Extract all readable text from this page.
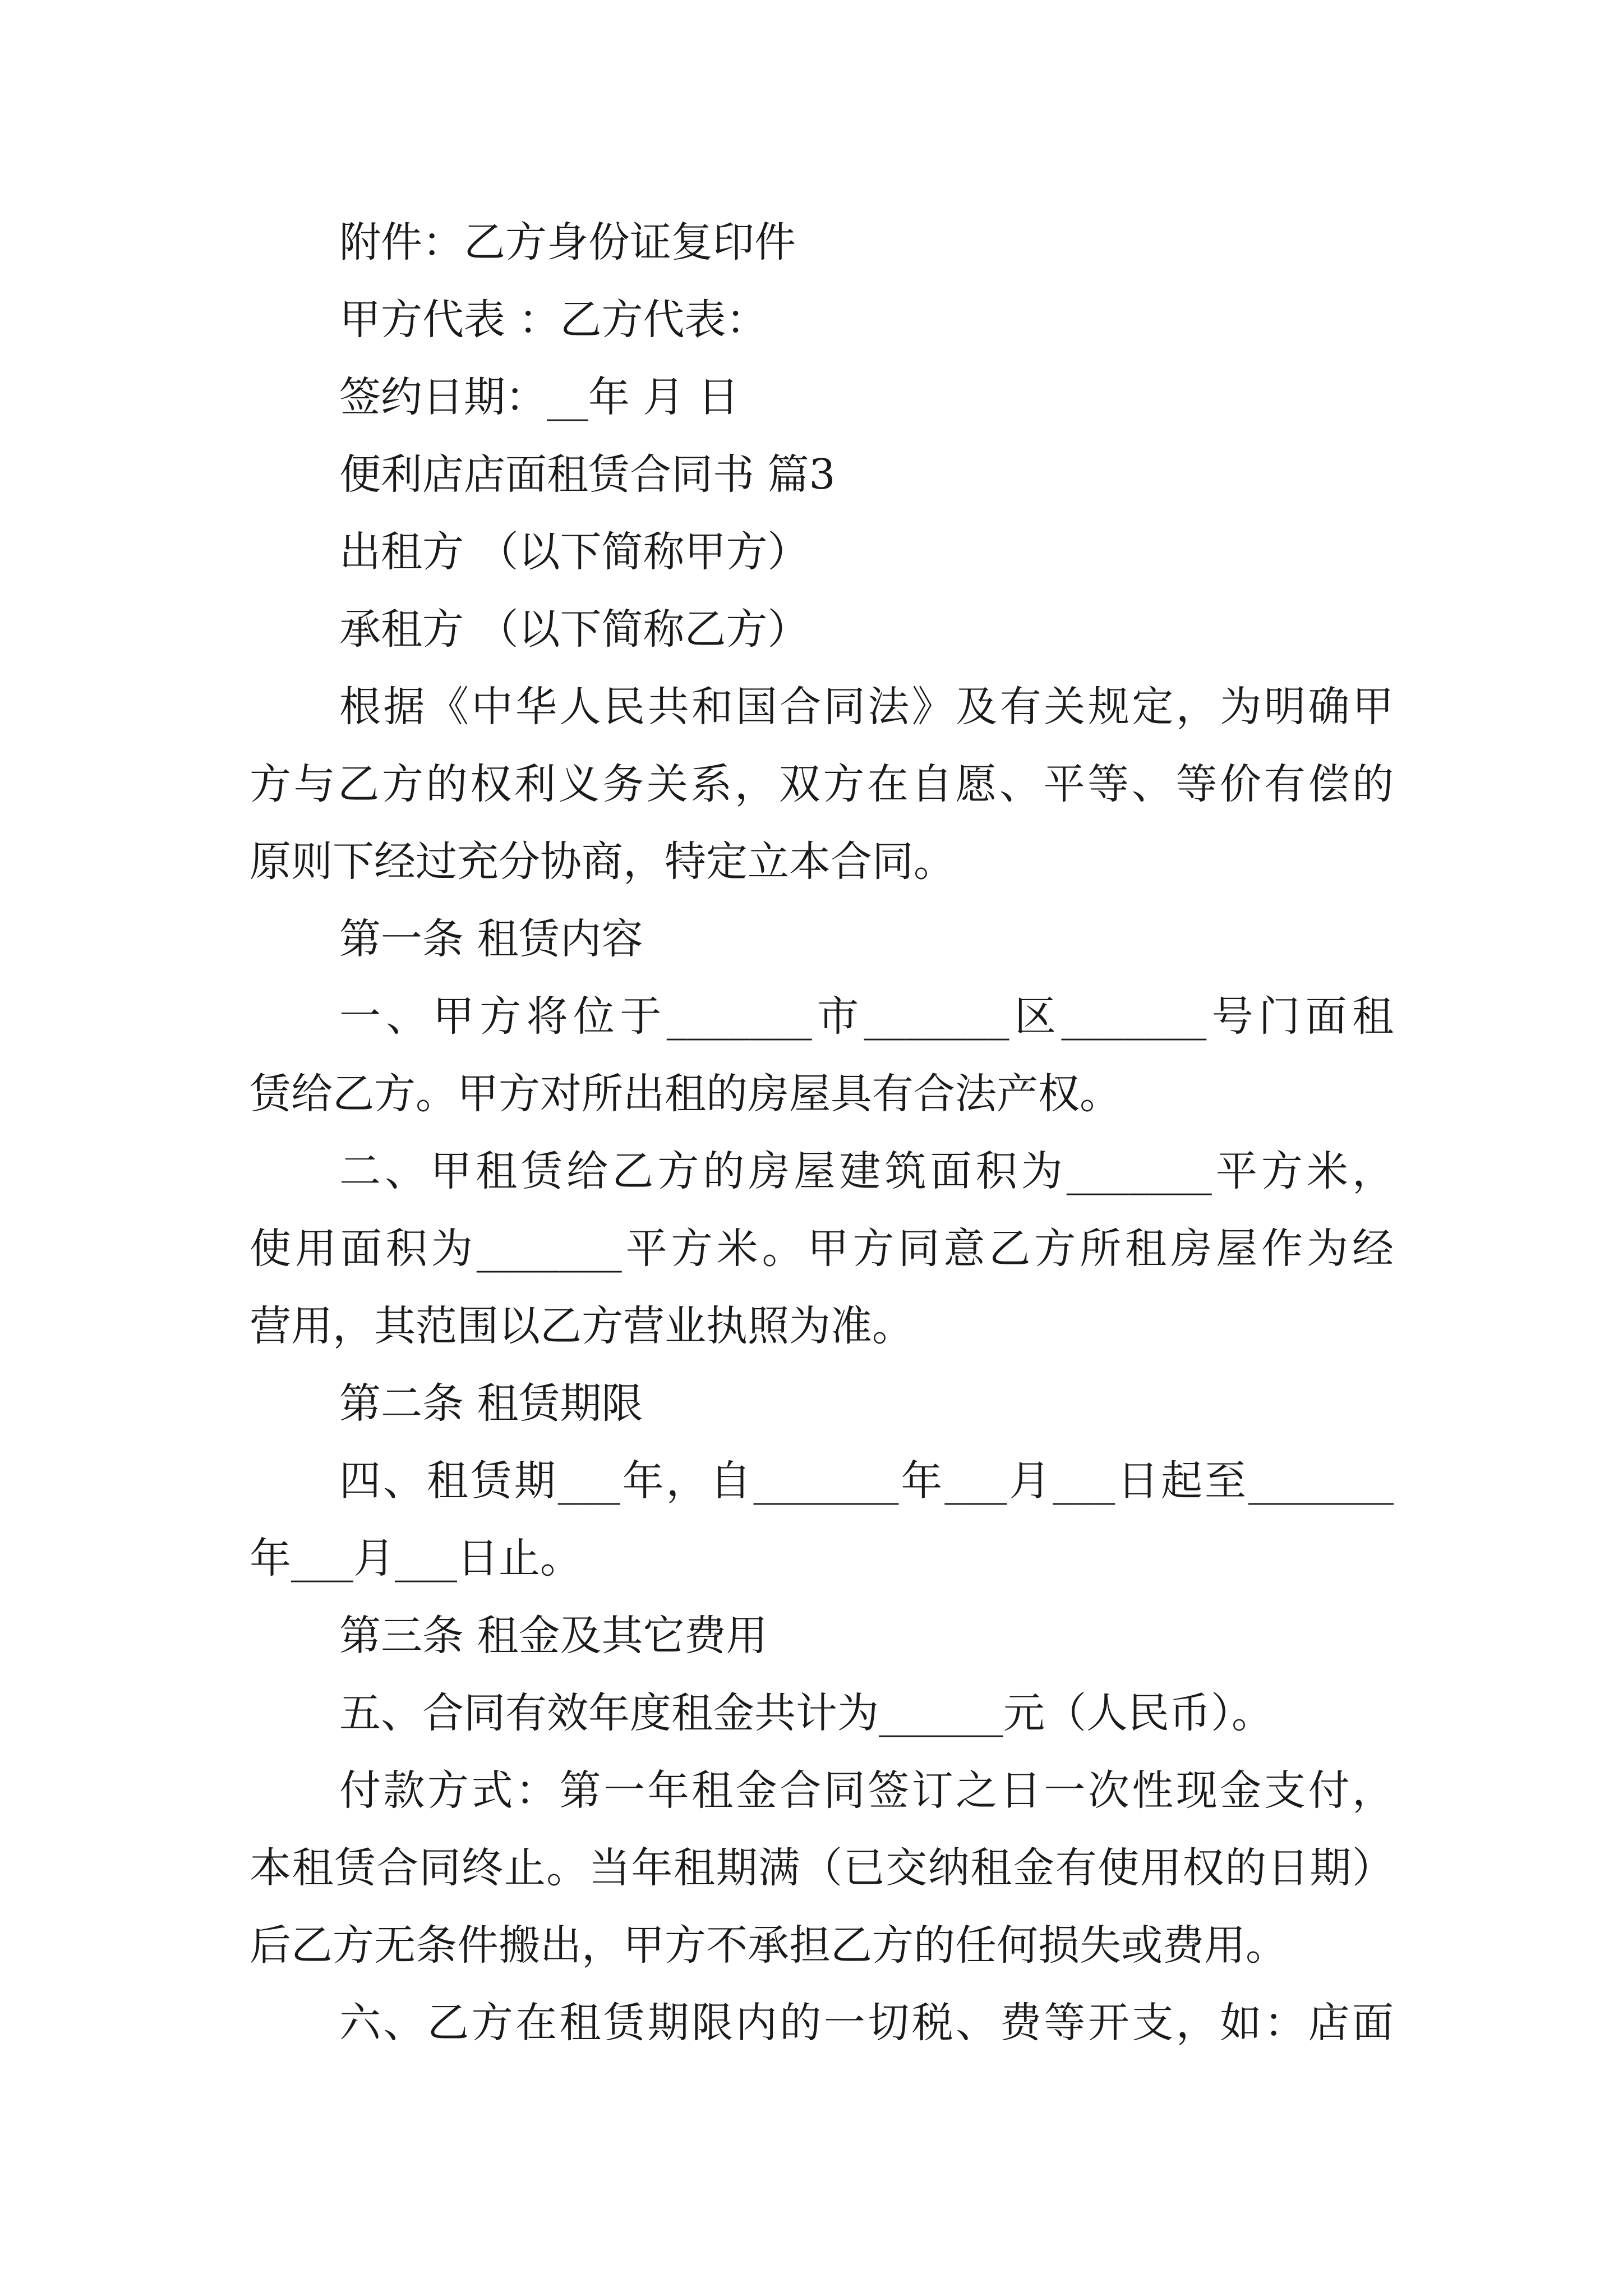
附件：乙方身份证复印件
甲方代表 ：乙方代表：
签约日期：__年 月 日
便利店店面租赁合同书 篇3
出租方 （以下简称甲方）
承租方 （以下简称乙方）
根据《中华人民共和国合同法》及有关规定，为明确甲
方与乙方的权利义务关系，双方在自愿、平等、等价有偿的
原则下经过充分协商，特定立本合同。
第一条 租赁内容
一、甲方将位于_______市_______区_______号门面租
赁给乙方。甲方对所出租的房屋具有合法产权。
二、甲租赁给乙方的房屋建筑面积为_______平方米，
使用面积为_______平方米。甲方同意乙方所租房屋作为经
营用，其范围以乙方营业执照为准。
第二条 租赁期限
四、租赁期___年，自_______年___月___日起至_______
年___月___日止。
第三条 租金及其它费用
五、合同有效年度租金共计为______元（人民币）。
付款方式：第一年租金合同签订之日一次性现金支付，
本租赁合同终止。当年租期满（已交纳租金有使用权的日期）
后乙方无条件搬出，甲方不承担乙方的任何损失或费用。
六、乙方在租赁期限内的一切税、费等开支，如：店面
